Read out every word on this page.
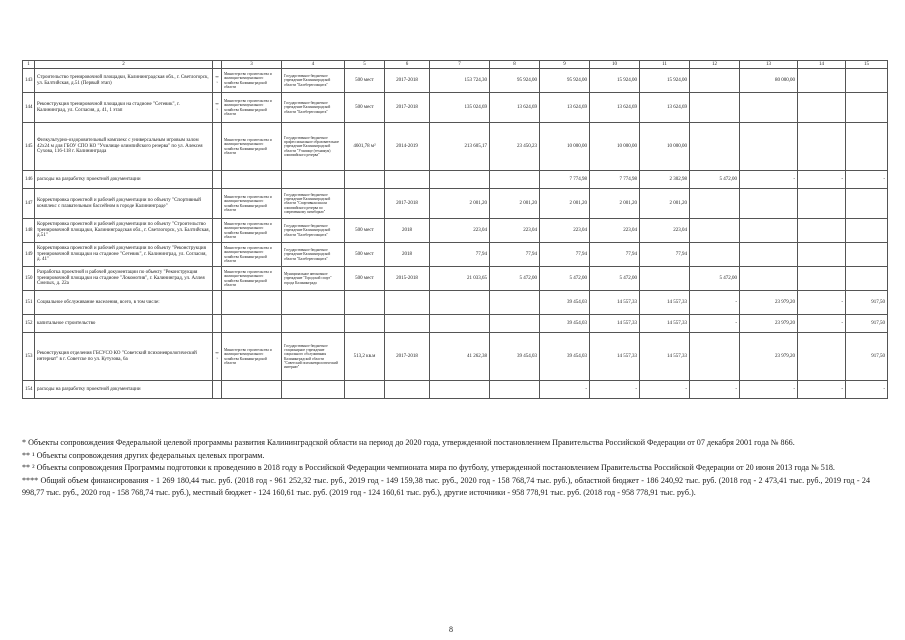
1	2		3	4	5	6	7	8	9	10	11	12	13	14	15
143	Строительство тренировочной площадки, Калининградская обл., г. Светлогорск, ул. Балтийская, д.51 (Первый этап)	** ³	Министерство строительства и жилищно-коммунального хозяйства Калининградской области	Государственное бюджетное учреждение Калининградской области "Балтберегозащита"	500 мест	2017-2018	153 724,30	95 924,00	95 924,00	15 924,00	15 924,00		80 000,00		
144	Реконструкция тренировочной площадки на стадионе "Сетевик", г. Калининград, ул. Согласия, д. 41, 1 этап	** ³	Министерство строительства и жилищно-коммунального хозяйства Калининградской области	Государственное бюджетное учреждение Калининградской области "Балтберегозащита"	500 мест	2017-2018	135 024,69	13 624,69	13 624,69	13 624,69	13 624,69				
145	Физкультурно-оздоровительный комплекс с универсальным игровым залом 42х24 м для ГБОУ СПО КО "Училище олимпийского резерва" по ул. Алексея Сухова, 116-118 г. Калининграда		Министерство строительства и жилищно-коммунального хозяйства Калининградской области	Государственное бюджетное профессиональное образовательное учреждение Калининградской области "Училище (техникум) олимпийского резерва"	4601,78 м²	2014-2019	213 605,17	23 450,23	10 000,00	10 000,00	10 000,00				
146	расходы на разработку проектной документации								7 774,98	7 774,98	2 302,98	5 472,00	-	-	-
147	Корректировка проектной и рабочей документации по объекту "Спортивный комплекс с плавательным бассейном в городе Калининграде"		Министерство строительства и жилищно-коммунального хозяйства Калининградской области	Государственное бюджетное учреждение Калининградской области "Спортивная школа олимпийского резерва по современному пятиборью"		2017-2018	2 001,20	2 001,20	2 001,20	2 001,20	2 001,20				
148	Корректировка проектной и рабочей документации по объекту "Строительство тренировочной площадки, Калининградская обл., г. Светлогорск, ул. Балтийская, д.51"		Министерство строительства и жилищно-коммунального хозяйства Калининградской области	Государственное бюджетное учреждение Калининградской области "Балтберегозащита"	500 мест	2018	223,04	223,04	223,04	223,04	223,04				
149	Корректировка проектной и рабочей документации по объекту "Реконструкция тренировочной площадки на стадионе "Сетевик", г. Калининград, ул. Согласия, д. 41"		Министерство строительства и жилищно-коммунального хозяйства Калининградской области	Государственное бюджетное учреждение Калининградской области "Балтберегозащита"	500 мест	2018	77,94	77,94	77,94	77,94	77,94				
150	Разработка проектной и рабочей документации по объекту "Реконструкция тренировочной площадки на стадионе "Локомотив", г. Калининград, ул. Аллея Смелых, д. 22а		Министерство строительства и жилищно-коммунального хозяйства Калининградской области	Муниципальное автономное учреждение "Городской спорт" города Калининграда	500 мест	2015-2018	21 033,65	5 472,00	5 472,00	5 472,00		5 472,00			
151	Социальное обслуживание населения, всего, в том числе:								39 454,03	14 557,33	14 557,33	-	23 979,20	-	917,50
152	капитальное строительство								39 454,03	14 557,33	14 557,33	-	23 979,20	-	917,50
153	Реконструкция отделения ГБСУСО КО "Советский психоневрологический интернат" в г. Советске по ул. Кутузова, 6а	** ³	Министерство строительства и жилищно-коммунального хозяйства Калининградской области	Государственное бюджетное стационарное учреждение социального обслуживания Калининградской области "Советский психоневрологический интернат"	513,2 кв.м	2017-2018	41 262,38	39 454,03	39 454,03	14 557,33	14 557,33		23 979,20		917,50
154	расходы на разработку проектной документации								-	-	-	-	-	-	-

* Объекты сопровождения Федеральной целевой программы развития Калининградской области на период до 2020 года, утвержденной постановлением Правительства Российской Федерации от 07 декабря 2001 года № 866.

** ¹ Объекты сопровождения других федеральных целевых программ.

** ² Объекты сопровождения Программы подготовки к проведению в 2018 году в Российской Федерации чемпионата мира по футболу, утвержденной постановлением Правительства Российской Федерации от 20 июня 2013 года № 518.

**** Общий объем финансирования - 1 269 180,44 тыс. руб. (2018 год - 961 252,32 тыс. руб., 2019 год - 149 159,38 тыс. руб., 2020 год - 158 768,74 тыс. руб.), областной бюджет - 186 240,92 тыс. руб. (2018 год - 2 473,41 тыс. руб., 2019 год - 24 998,77 тыс. руб., 2020 год - 158 768,74 тыс. руб.), местный бюджет - 124 160,61 тыс. руб. (2019 год - 124 160,61 тыс. руб.), другие источники - 958 778,91 тыс. руб. (2018 год - 958 778,91 тыс. руб.).

8
